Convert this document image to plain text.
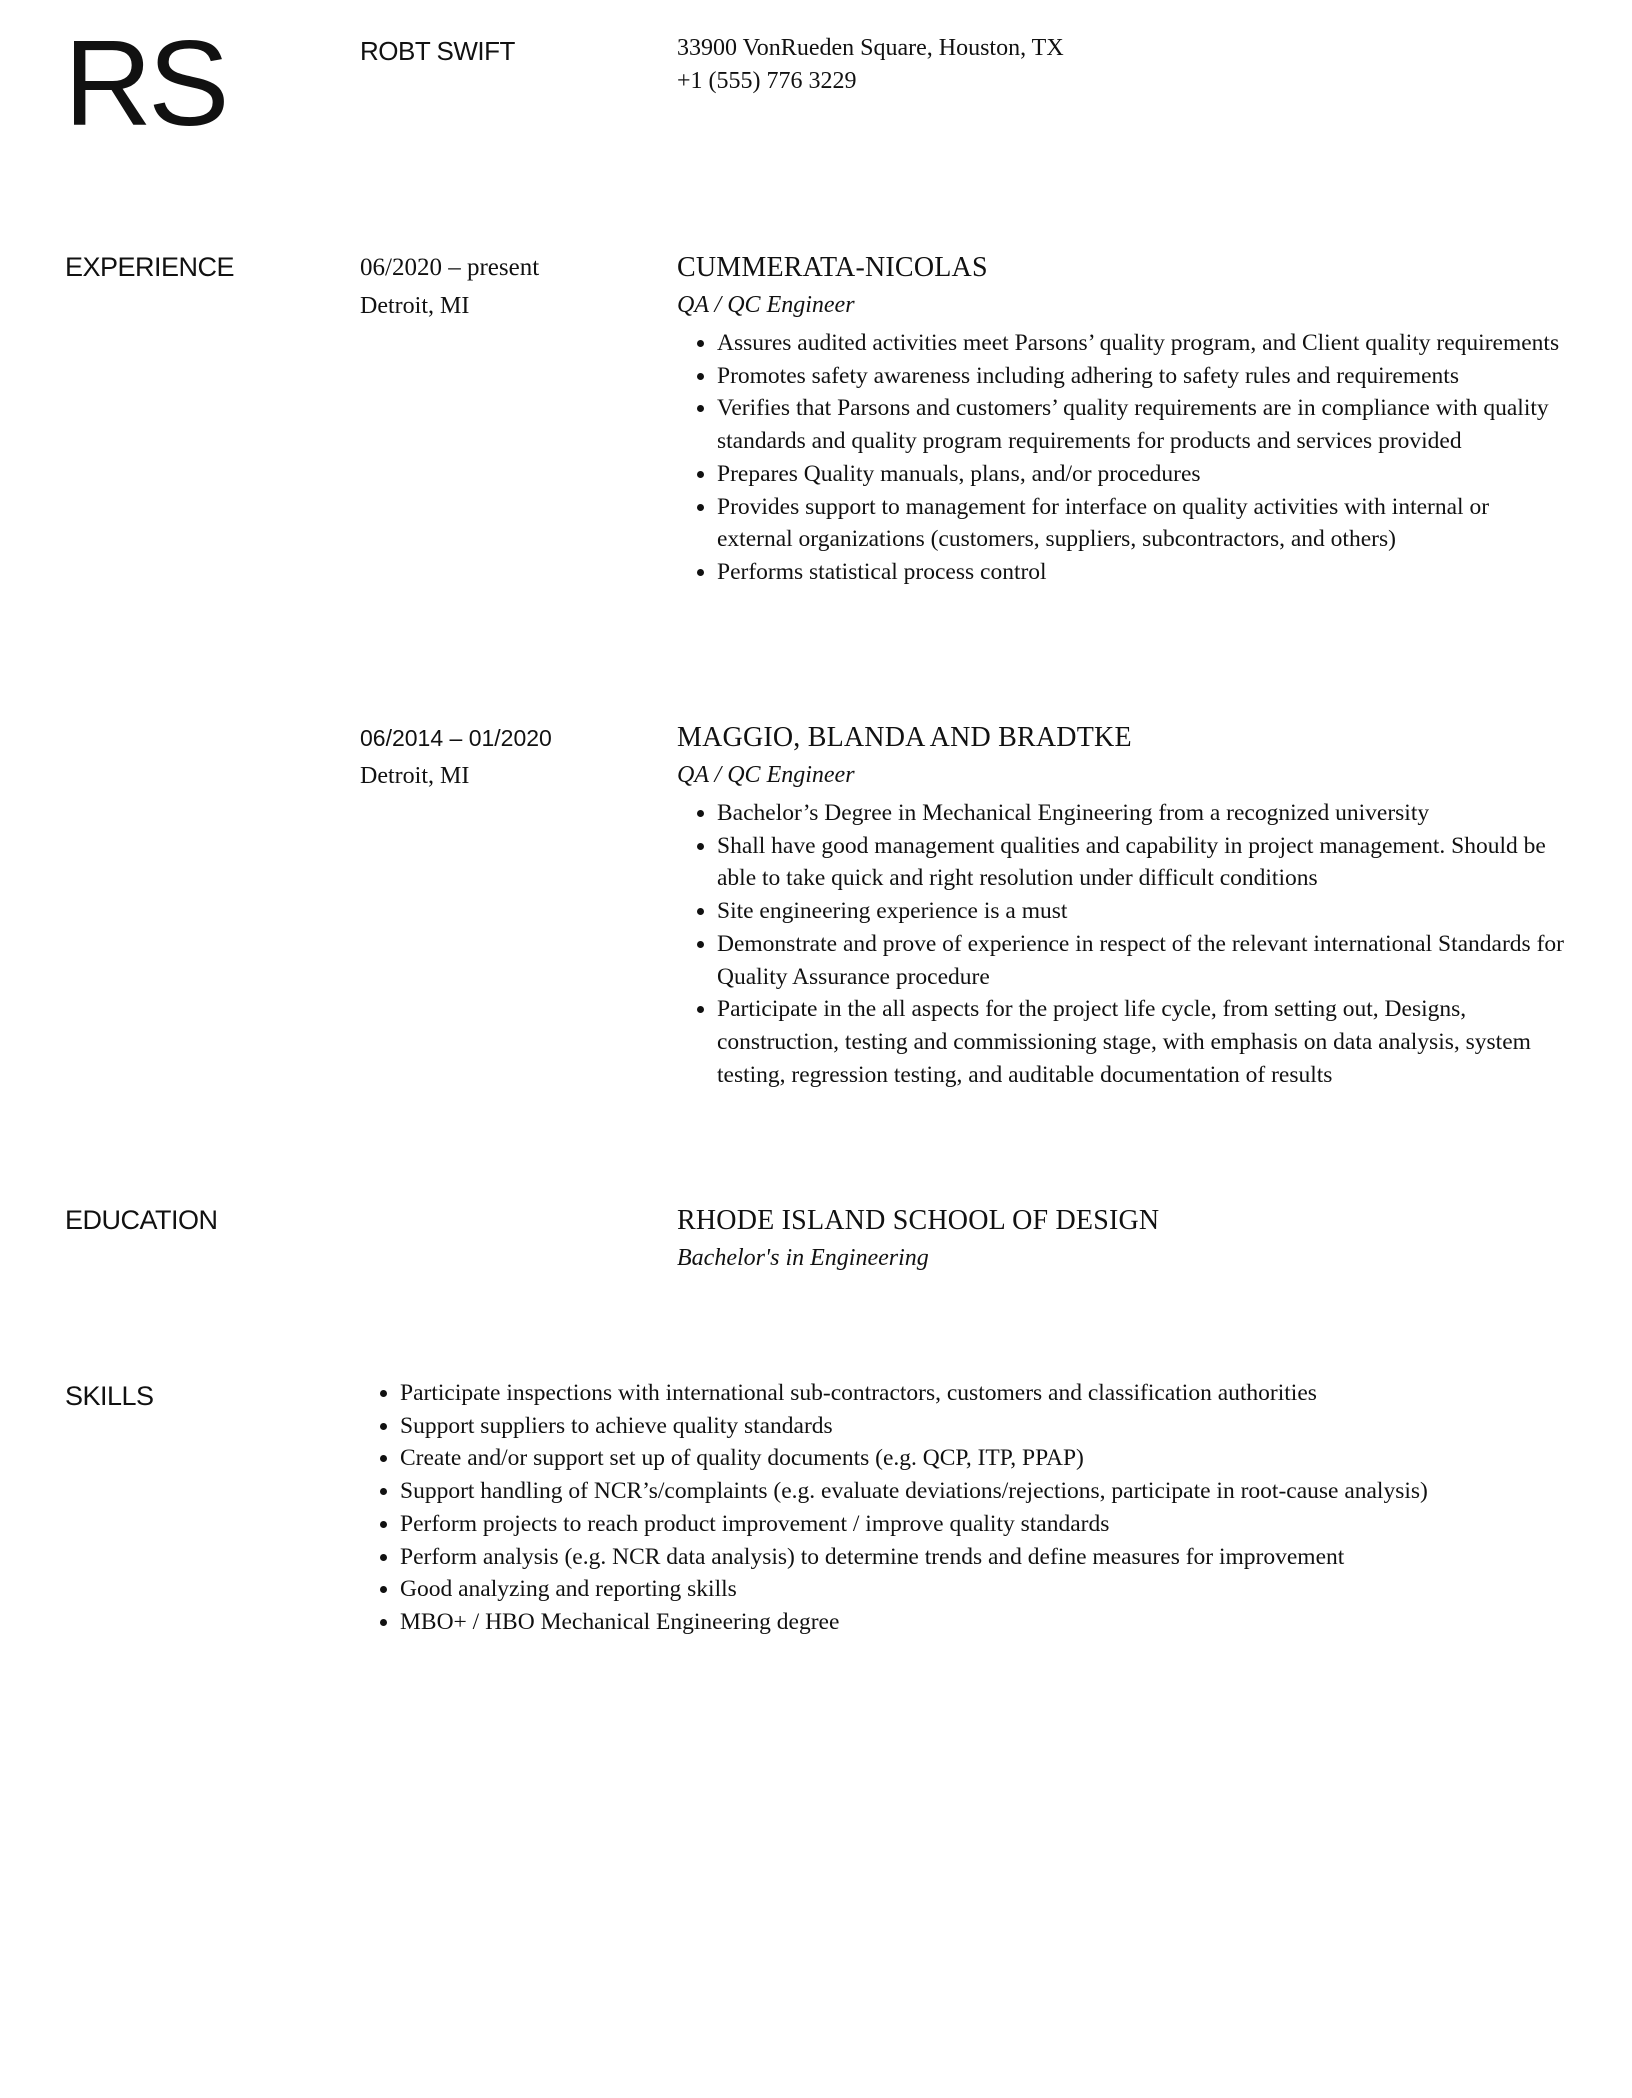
RS	ROBT SWIFT	33900 VonRueden Square, Houston, TX
+1 (555) 776 3229
EXPERIENCE	06/2020 – present
Detroit, MI
CUMMERATA-NICOLAS
QA / QC Engineer
• Assures audited activities meet Parsons’ quality program, and Client quality requirements
• Promotes safety awareness including adhering to safety rules and requirements
• Verifies that Parsons and customers’ quality requirements are in compliance with quality standards and quality program requirements for products and services provided
• Prepares Quality manuals, plans, and/or procedures
• Provides support to management for interface on quality activities with internal or external organizations (customers, suppliers, subcontractors, and others)
• Performs statistical process control
06/2014 – 01/2020
Detroit, MI
MAGGIO, BLANDA AND BRADTKE
QA / QC Engineer
• Bachelor’s Degree in Mechanical Engineering from a recognized university
• Shall have good management qualities and capability in project management. Should be able to take quick and right resolution under difficult conditions
• Site engineering experience is a must
• Demonstrate and prove of experience in respect of the relevant international Standards for Quality Assurance procedure
• Participate in the all aspects for the project life cycle, from setting out, Designs, construction, testing and commissioning stage, with emphasis on data analysis, system testing, regression testing, and auditable documentation of results
EDUCATION	RHODE ISLAND SCHOOL OF DESIGN
Bachelor's in Engineering
SKILLS	• Participate inspections with international sub-contractors, customers and classification authorities
• Support suppliers to achieve quality standards
• Create and/or support set up of quality documents (e.g. QCP, ITP, PPAP)
• Support handling of NCR’s/complaints (e.g. evaluate deviations/rejections, participate in root-cause analysis)
• Perform projects to reach product improvement / improve quality standards
• Perform analysis (e.g. NCR data analysis) to determine trends and define measures for improvement
• Good analyzing and reporting skills
• MBO+ / HBO Mechanical Engineering degree
